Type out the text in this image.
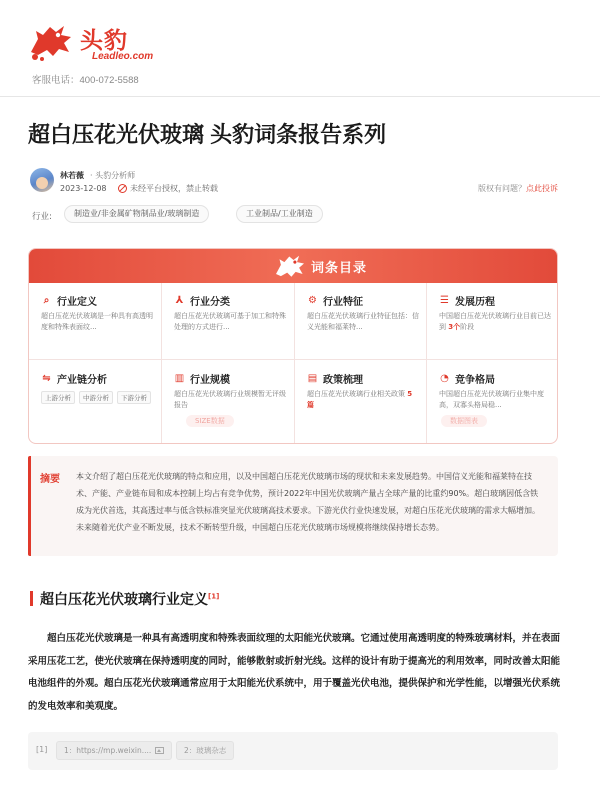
头豹
Leadleo.com
客服电话：400-072-5588
超白压花光伏玻璃 头豹词条报告系列
林若薇 · 头豹分析师
2023-12-08	未经平台授权，禁止转载	版权有问题？点此投诉
行业:	制造业/非金属矿物制品业/玻璃制造	工业制品/工业制造
词条目录
⌕ 行业定义
超白压花光伏玻璃是一种具有高透明度和特殊表面纹...
⅄ 行业分类
超白压花光伏玻璃可基于加工和特殊处理的方式进行...
⚙ 行业特征
超白压花光伏玻璃行业特征包括：信义光能和福莱特...
☰ 发展历程
中国超白压花光伏玻璃行业目前已达到 3个阶段
⇋ 产业链分析
上游分析	中游分析	下游分析
▥ 行业规模
超白压花光伏玻璃行业规模暂无评级报告
SIZE数据
▤ 政策梳理
超白压花光伏玻璃行业相关政策 5篇
◔ 竞争格局
中国超白压花光伏玻璃行业集中度高，双寡头格局稳...
数据图表
摘要 本文介绍了超白压花光伏玻璃的特点和应用，以及中国超白压花光伏玻璃市场的现状和未来发展趋势。中国信义光能和福莱特在技术、产能、产业链布局和成本控制上均占有竞争优势，预计2022年中国光伏玻璃产量占全球产量的比重约90%。超白玻璃因低含铁成为光伏首选，其高透过率与低含铁标准突显光伏玻璃高技术要求。下游光伏行业快速发展，对超白压花光伏玻璃的需求大幅增加。未来随着光伏产业不断发展，技术不断转型升级，中国超白压花光伏玻璃市场规模将继续保持增长态势。
超白压花光伏玻璃行业定义[1]

超白压花光伏玻璃是一种具有高透明度和特殊表面纹理的太阳能光伏玻璃。它通过使用高透明度的特殊玻璃材料，并在表面采用压花工艺，使光伏玻璃在保持透明度的同时，能够散射或折射光线。这样的设计有助于提高光的利用效率，同时改善太阳能电池组件的外观。超白压花光伏玻璃通常应用于太阳能光伏系统中，用于覆盖光伏电池，提供保护和光学性能，以增强光伏系统的发电效率和美观度。

[1] 1：https://mp.weixin....	2：玻璃杂志
